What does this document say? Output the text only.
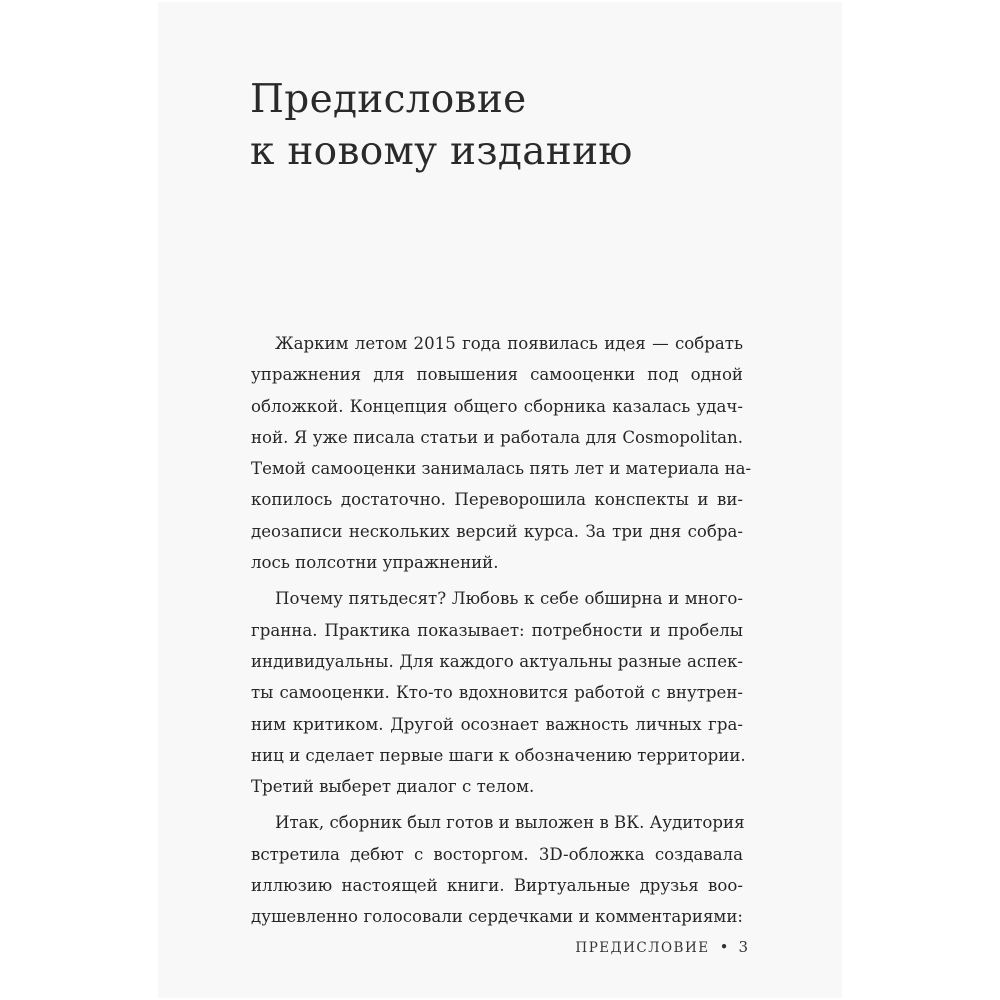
Предисловие
к новому изданию

Жарким летом 2015 года появилась идея — собрать
упражнения для повышения самооценки под одной
обложкой. Концепция общего сборника казалась удач-
ной. Я уже писала статьи и работала для Cosmopolitan.
Темой самооценки занималась пять лет и материала на-
копилось достаточно. Переворошила конспекты и ви-
деозаписи нескольких версий курса. За три дня собра-
лось полсотни упражнений.

Почему пятьдесят? Любовь к себе обширна и много-
гранна. Практика показывает: потребности и пробелы
индивидуальны. Для каждого актуальны разные аспек-
ты самооценки. Кто-то вдохновится работой с внутрен-
ним критиком. Другой осознает важность личных гра-
ниц и сделает первые шаги к обозначению территории.
Третий выберет диалог с телом.

Итак, сборник был готов и выложен в ВК. Аудитория
встретила дебют с восторгом. 3D-обложка создавала
иллюзию настоящей книги. Виртуальные друзья воо-
душевленно голосовали сердечками и комментариями:

ПРЕДИСЛОВИЕ • 3
